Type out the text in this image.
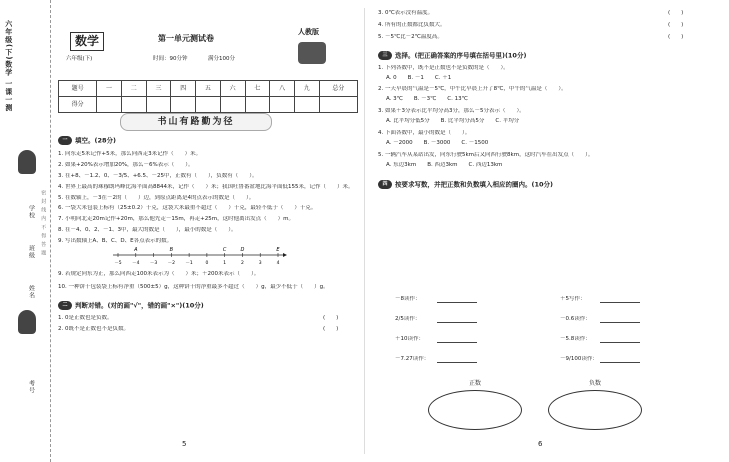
六年级(下)数学 一课一测
密 封 线 内 不 得 答 题
学校
班级
姓名
考号
数学
六年级(下)
第一单元测试卷
时间：90分钟	满分100分
人教版
题号	一	二	三	四	五	六	七	八	九	总分
得分										
书山有路勤为径
一 填空。(28分)
1. 向东走5米记作+5米，那么向西走3米记作（　　）米。
2. 如果+20%表示增加20%，那么－6%表示（　　）。
3. 在+8、－1.2、0、－3/5、+6.5、－25中，正数有（　　），负数有（　　）。
4. 世界上最高的珠穆朗玛峰比海平面高8844米，记作（　　）米；我国吐鲁番盆地比海平面低155米，记作（　　）米。
5. 在数轴上，－3在－2的（　　）边，到原点距离是4的点表示的数是（　　）。
6. 一袋大米包装上标有（25±0.2）千克，这袋大米最重不超过（　　）千克，最轻不低于（　　）千克。
7. 小明向北走20m记作+20m，那么他先走－15m，再走+25m，这时他离出发点（　　）m。
8. 在－4、0、2、－1、3中，最大的数是（　　），最小的数是（　　）。
9. 写出数轴上A、B、C、D、E各点表示的数。
－5 －4 －3 －2 －1	0	1	2	3	4
A	B	C	D	E
9. 若规定向东为正，那么向西走100米表示为（　　）米；＋200米表示（　　）。
10. 一种饼干包装袋上标有净重（500±5）g，这种饼干的净重最多不超过（　　）g，最少不低于（　　）g。
二 判断对错。(对的画"√"，错的画"×")(10分)
1. 0是正数也是负数。	(　　)
2. 0既不是正数也不是负数。	(　　)
5
3. 0℃表示没有温度。	(　　)
4. 所有的正数都比负数大。	(　　)
5. －5℃比－2℃温度高。	(　　)
三 选择。(把正确答案的序号填在括号里)(10分)
1. 下列各数中，既不是正数也不是负数的是（　　）。
A. 0　　B. －1　　C. ＋1
2. 一天早晨的气温是－5℃，中午比早晨上升了8℃，中午的气温是（　　）。
A. 3℃　　B. －3℃　　C. 13℃
3. 如果＋3分表示比平均分高3分，那么－5分表示（　　）。
A. 比平均分低5分　　B. 比平均分高5分　　C. 平均分
4. 下面各数中，最小的数是（　　）。
A. －2000　　B. －3000　　C. －1500
5. 一辆汽车从某站出发，向东行驶5km后又向西行驶8km，这时汽车在出发点（　　）。
A. 东边3km　　B. 西边3km　　C. 西边13km
四 按要求写数，并把正数和负数填入相应的圈内。(10分)
－8读作：	＋5写作：
2/5读作：	－0.6读作：
＋10读作：	－5.8读作：
－7.27读作：	－9/100读作：
正数	负数
6
